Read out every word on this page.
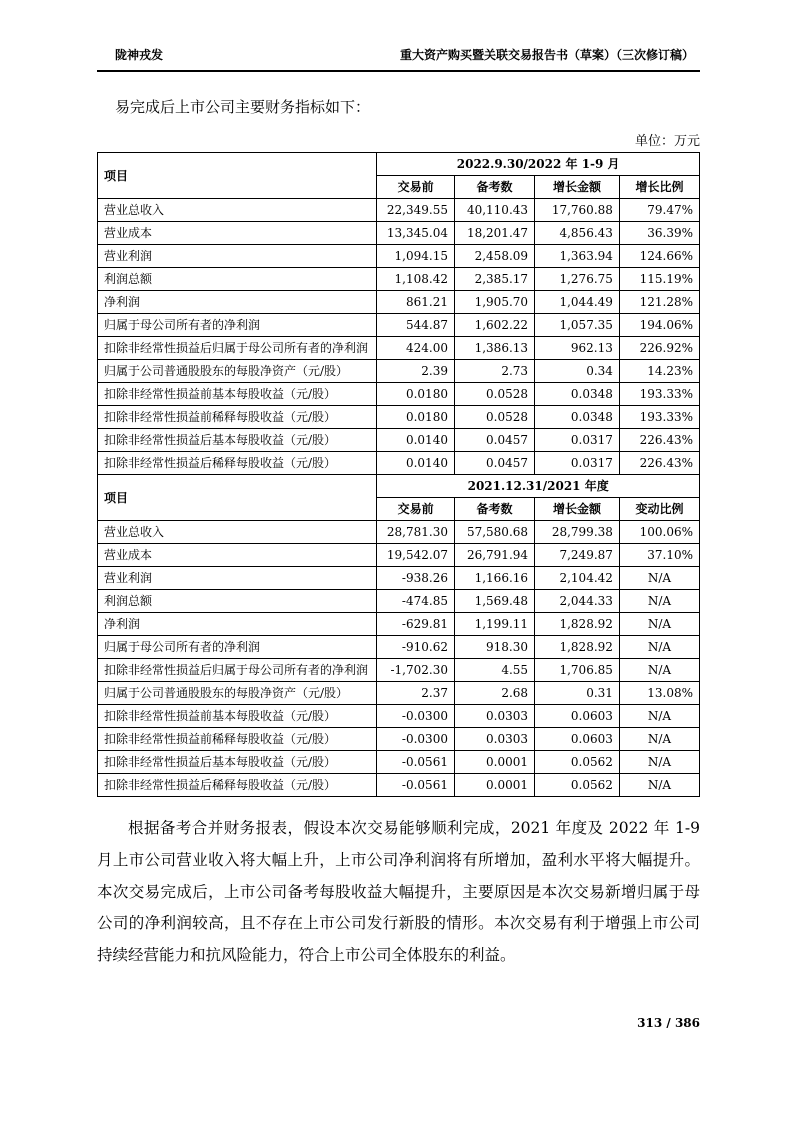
陇神戎发	重大资产购买暨关联交易报告书（草案）（三次修订稿）
易完成后上市公司主要财务指标如下：
单位：万元
项目	2022.9.30/2022 年 1-9 月			
	交易前	备考数	增长金额	增长比例
营业总收入	22,349.55	40,110.43	17,760.88	79.47%
营业成本	13,345.04	18,201.47	4,856.43	36.39%
营业利润	1,094.15	2,458.09	1,363.94	124.66%
利润总额	1,108.42	2,385.17	1,276.75	115.19%
净利润	861.21	1,905.70	1,044.49	121.28%
归属于母公司所有者的净利润	544.87	1,602.22	1,057.35	194.06%
扣除非经常性损益后归属于母公司所有者的净利润	424.00	1,386.13	962.13	226.92%
归属于公司普通股股东的每股净资产（元/股）	2.39	2.73	0.34	14.23%
扣除非经常性损益前基本每股收益（元/股）	0.0180	0.0528	0.0348	193.33%
扣除非经常性损益前稀释每股收益（元/股）	0.0180	0.0528	0.0348	193.33%
扣除非经常性损益后基本每股收益（元/股）	0.0140	0.0457	0.0317	226.43%
扣除非经常性损益后稀释每股收益（元/股）	0.0140	0.0457	0.0317	226.43%
项目	2021.12.31/2021 年度			
	交易前	备考数	增长金额	变动比例
营业总收入	28,781.30	57,580.68	28,799.38	100.06%
营业成本	19,542.07	26,791.94	7,249.87	37.10%
营业利润	-938.26	1,166.16	2,104.42	N/A
利润总额	-474.85	1,569.48	2,044.33	N/A
净利润	-629.81	1,199.11	1,828.92	N/A
归属于母公司所有者的净利润	-910.62	918.30	1,828.92	N/A
扣除非经常性损益后归属于母公司所有者的净利润	-1,702.30	4.55	1,706.85	N/A
归属于公司普通股股东的每股净资产（元/股）	2.37	2.68	0.31	13.08%
扣除非经常性损益前基本每股收益（元/股）	-0.0300	0.0303	0.0603	N/A
扣除非经常性损益前稀释每股收益（元/股）	-0.0300	0.0303	0.0603	N/A
扣除非经常性损益后基本每股收益（元/股）	-0.0561	0.0001	0.0562	N/A
扣除非经常性损益后稀释每股收益（元/股）	-0.0561	0.0001	0.0562	N/A
根据备考合并财务报表，假设本次交易能够顺利完成，2021 年度及 2022 年 1-9 月上市公司营业收入将大幅上升，上市公司净利润将有所增加，盈利水平将大幅提升。本次交易完成后，上市公司备考每股收益大幅提升，主要原因是本次交易新增归属于母公司的净利润较高，且不存在上市公司发行新股的情形。本次交易有利于增强上市公司持续经营能力和抗风险能力，符合上市公司全体股东的利益。
313 / 386
